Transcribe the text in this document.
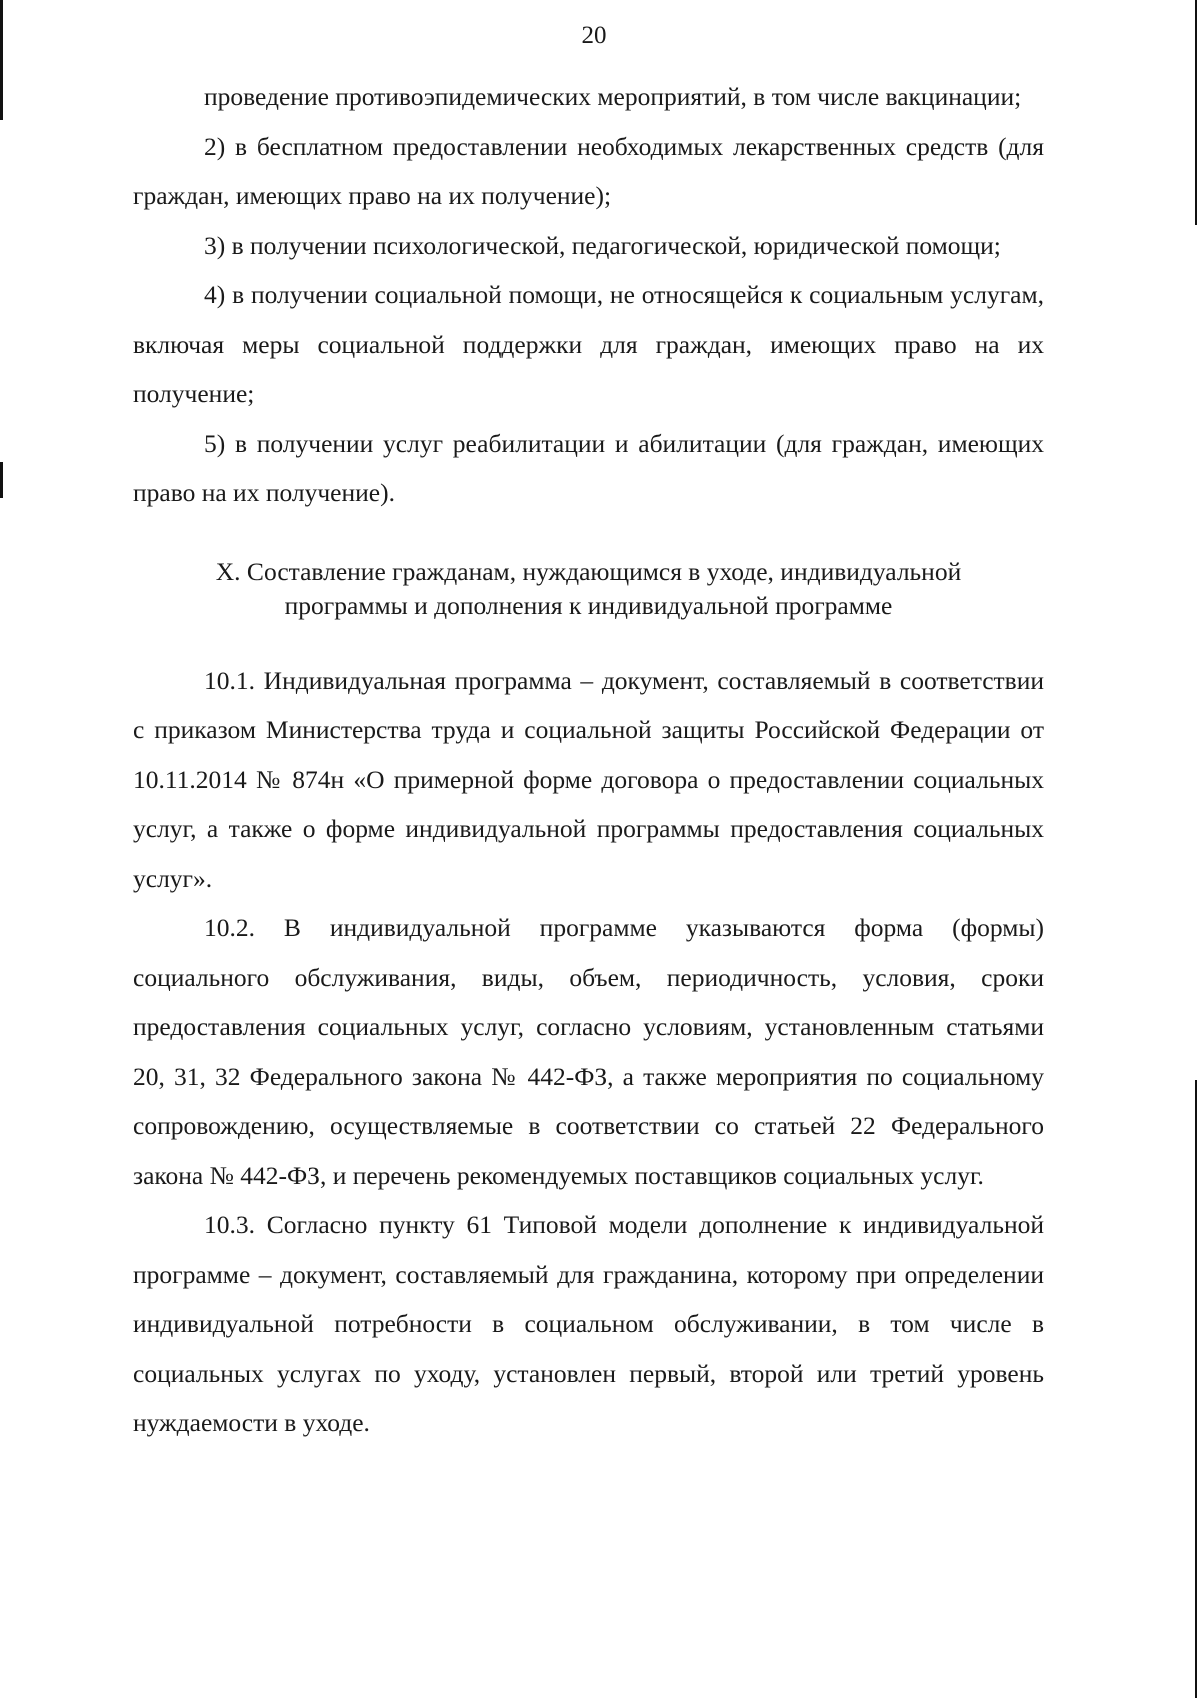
20

проведение противоэпидемических мероприятий, в том числе вакцинации;

2) в бесплатном предоставлении необходимых лекарственных средств (для граждан, имеющих право на их получение);

3) в получении психологической, педагогической, юридической помощи;

4) в получении социальной помощи, не относящейся к социальным услугам, включая меры социальной поддержки для граждан, имеющих право на их получение;

5) в получении услуг реабилитации и абилитации (для граждан, имеющих право на их получение).

X. Составление гражданам, нуждающимся в уходе, индивидуальной

программы и дополнения к индивидуальной программе

10.1. Индивидуальная программа – документ, составляемый в соответствии с приказом Министерства труда и социальной защиты Российской Федерации от 10.11.2014 № 874н «О примерной форме договора о предоставлении социальных услуг, а также о форме индивидуальной программы предоставления социальных услуг».

10.2. В индивидуальной программе указываются форма (формы) социального обслуживания, виды, объем, периодичность, условия, сроки предоставления социальных услуг, согласно условиям, установленным статьями 20, 31, 32 Федерального закона № 442-ФЗ, а также мероприятия по социальному сопровождению, осуществляемые в соответствии со статьей 22 Федерального закона № 442-ФЗ, и перечень рекомендуемых поставщиков социальных услуг.

10.3. Согласно пункту 61 Типовой модели дополнение к индивидуальной программе – документ, составляемый для гражданина, которому при определении индивидуальной потребности в социальном обслуживании, в том числе в социальных услугах по уходу, установлен первый, второй или третий уровень нуждаемости в уходе.
